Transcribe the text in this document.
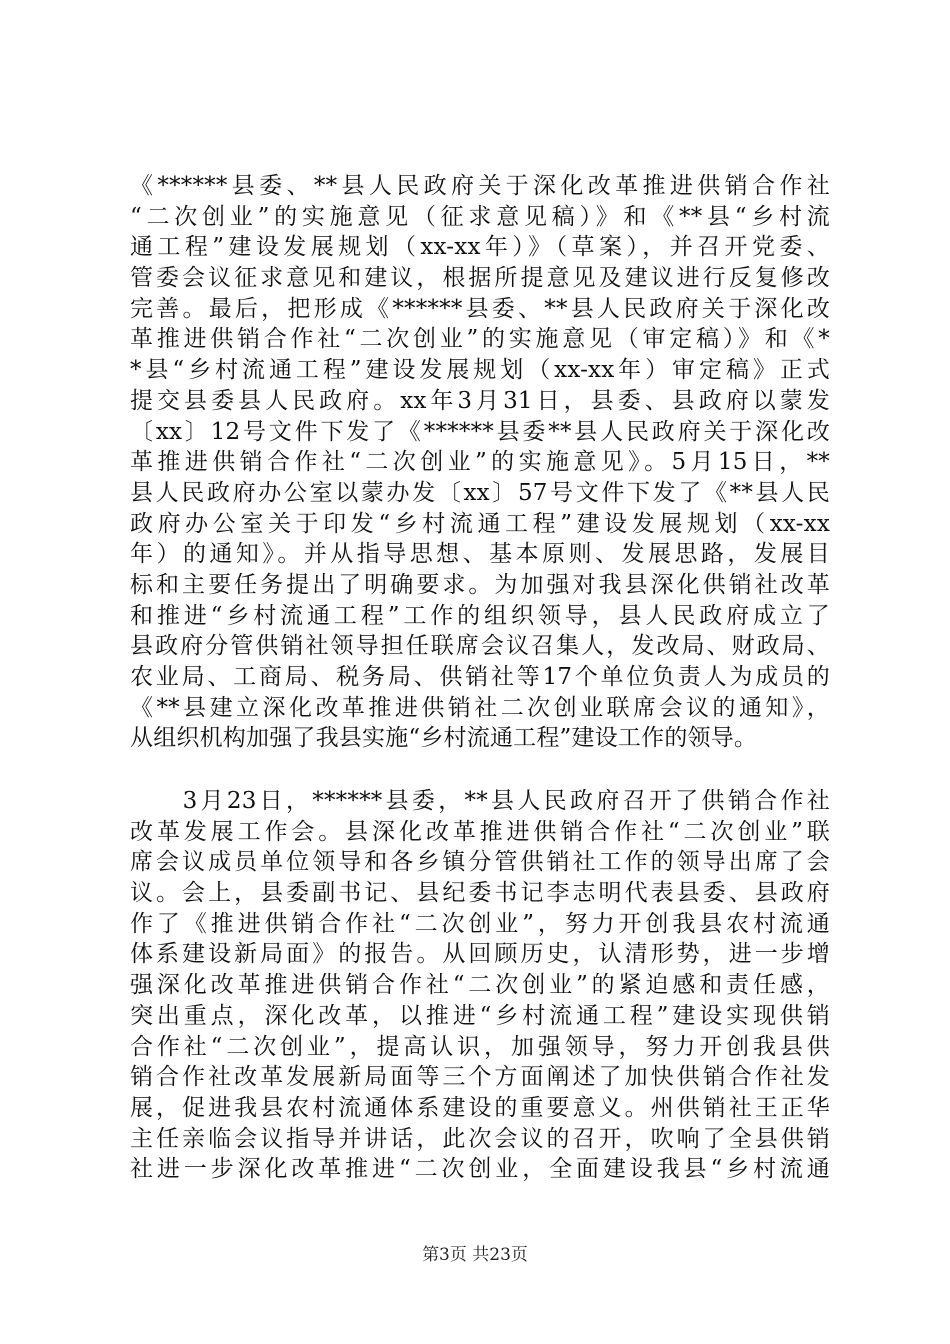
《******县委、**县人民政府关于深化改革推进供销合作社
“二次创业”的实施意见（征求意见稿）》和《**县“乡村流
通工程”建设发展规划（xx-xx年）》（草案），并召开党委、
管委会议征求意见和建议，根据所提意见及建议进行反复修改
完善。最后，把形成《******县委、**县人民政府关于深化改
革推进供销合作社“二次创业”的实施意见（审定稿）》和《*
*县“乡村流通工程”建设发展规划（xx-xx年）审定稿》正式
提交县委县人民政府。xx年3月31日，县委、县政府以蒙发
〔xx〕12号文件下发了《******县委**县人民政府关于深化改
革推进供销合作社“二次创业”的实施意见》。5月15日，**
县人民政府办公室以蒙办发〔xx〕57号文件下发了《**县人民
政府办公室关于印发“乡村流通工程”建设发展规划（xx-xx
年）的通知》。并从指导思想、基本原则、发展思路，发展目
标和主要任务提出了明确要求。为加强对我县深化供销社改革
和推进“乡村流通工程”工作的组织领导，县人民政府成立了
县政府分管供销社领导担任联席会议召集人，发改局、财政局、
农业局、工商局、税务局、供销社等17个单位负责人为成员的
《**县建立深化改革推进供销社二次创业联席会议的通知》，
从组织机构加强了我县实施“乡村流通工程”建设工作的领导。
　　3月23日，******县委，**县人民政府召开了供销合作社
改革发展工作会。县深化改革推进供销合作社“二次创业”联
席会议成员单位领导和各乡镇分管供销社工作的领导出席了会
议。会上，县委副书记、县纪委书记李志明代表县委、县政府
作了《推进供销合作社“二次创业”，努力开创我县农村流通
体系建设新局面》的报告。从回顾历史，认清形势，进一步增
强深化改革推进供销合作社“二次创业”的紧迫感和责任感，
突出重点，深化改革，以推进“乡村流通工程”建设实现供销
合作社“二次创业”，提高认识，加强领导，努力开创我县供
销合作社改革发展新局面等三个方面阐述了加快供销合作社发
展，促进我县农村流通体系建设的重要意义。州供销社王正华
主任亲临会议指导并讲话，此次会议的召开，吹响了全县供销
社进一步深化改革推进“二次创业，全面建设我县“乡村流通
第3页 共23页
